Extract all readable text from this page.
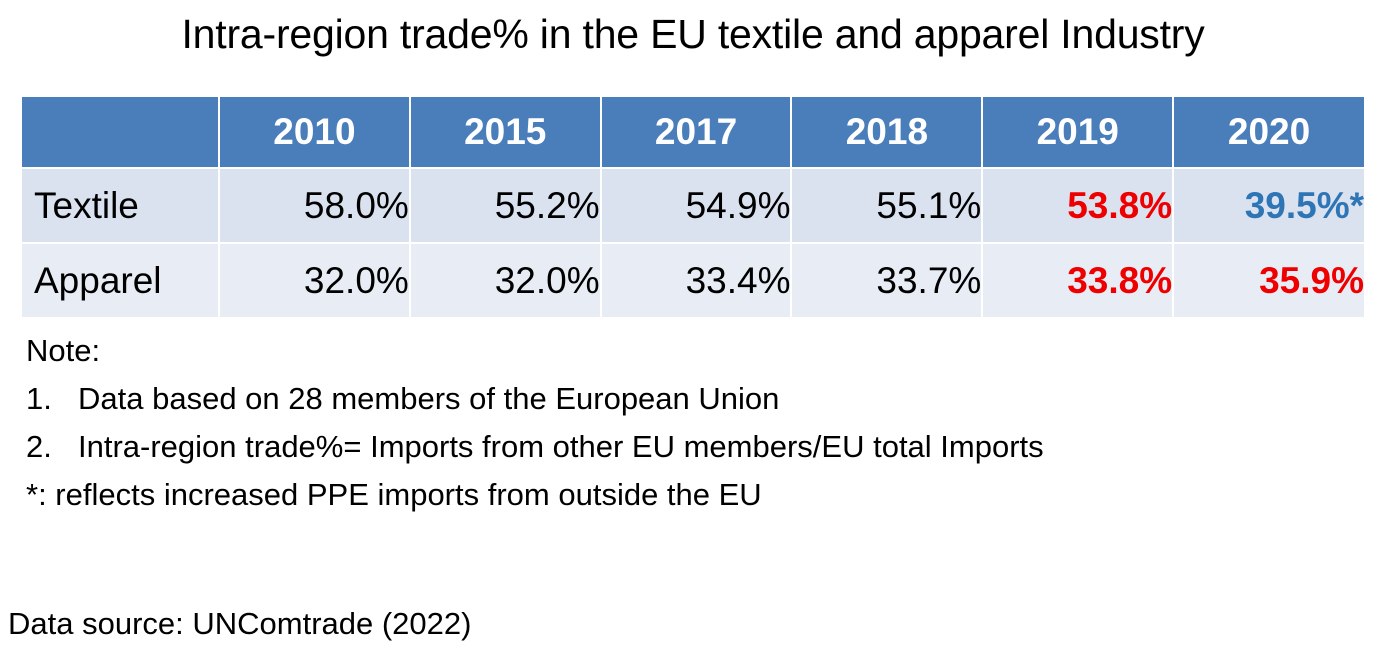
Intra-region trade% in the EU textile and apparel Industry
	2010	2015	2017	2018	2019	2020
Textile	58.0%	55.2%	54.9%	55.1%	53.8%	39.5%*
Apparel	32.0%	32.0%	33.4%	33.7%	33.8%	35.9%
Note:
1. Data based on 28 members of the European Union
2. Intra-region trade%= Imports from other EU members/EU total Imports
*: reflects increased PPE imports from outside the EU
Data source: UNComtrade (2022)
